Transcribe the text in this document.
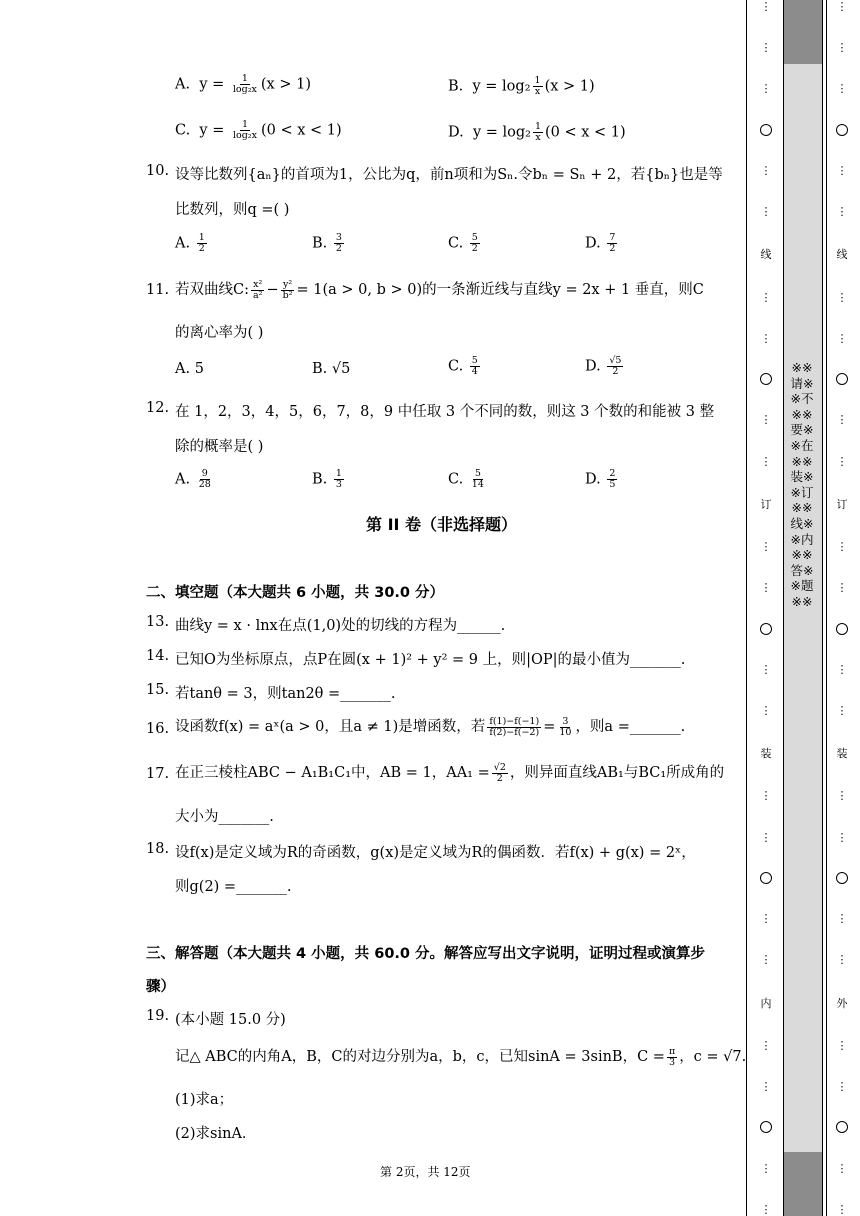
A. $y = \frac{1}{\text{log₂x}} (x > 1)$	B. $y = \log_2 \frac{1}{x} (x > 1)$
C. $y = \frac{1}{\text{log₂x}} (0 < x < 1)$	D. $y = \log_2 \frac{1}{x} (0 < x < 1)$
10. 设等比数列{aₙ}的首项为1，公比为q，前n项和为Sₙ.令bₙ = Sₙ + 2，若{bₙ}也是等
比数列，则q =( )
A. $\frac{1}{2}$	B. $\frac{3}{2}$	C. $\frac{5}{2}$	D. $\frac{7}{2}$
11. 若双曲线C: $\frac{\text{x²}}{\text{a²}} - \frac{\text{y²}}{\text{b²}} = 1(a > 0$, b > 0)的一条渐近线与直线y = 2x + 1 垂直，则C
的离心率为( )
A. 5	B. √5	C. $\frac{5}{4}$	D. $\frac{√5}{2}$
12. 在 1，2，3，4，5，6，7，8，9 中任取 3 个不同的数，则这 3 个数的和能被 3 整
除的概率是( )
A. $\frac{9}{28}$	B. $\frac{1}{3}$	C. $\frac{5}{14}$	D. $\frac{2}{5}$
第 II 卷（非选择题）
二、填空题（本大题共 6 小题，共 30.0 分）
13. 曲线y = x · lnx在点(1,0)处的切线的方程为______.
14. 已知O为坐标原点，点P在圆(x + 1)² + y² = 9 上，则|OP|的最小值为_______.
15. 若tanθ = 3，则tan2θ =_______.
16. 设函数f(x) = aˣ(a > 0，且a ≠ 1)是增函数，若 $\frac{f(1)-f(-1)}{f(2)-f(-2)} = \frac{3}{10}$ ，则a =_______.
17. 在正三棱柱ABC − A₁B₁C₁中，AB = 1，$AA_1 = \frac{√2}{2}$ ，则异面直线AB₁与BC₁所成角的
大小为_______.
18. 设f(x)是定义域为R的奇函数，g(x)是定义域为R的偶函数．若f(x) + g(x) = 2ˣ，
则g(2) =_______.
三、解答题（本大题共 4 小题，共 60.0 分。解答应写出文字说明，证明过程或演算步
骤）
19. (本小题 15.0 分)
记△ ABC的内角A，B，C的对边分别为a，b，c，已知sinA = 3sinB，$C = \frac{\pi}{3}$ ，c = √7.
(1)求a；
(2)求sinA．
第 2页，共 12页
⋮
⋮
⋮
⋮
⋮
线
⋮
⋮
⋮
⋮
订
⋮
⋮
⋮
⋮
装
⋮
⋮
⋮
⋮
内
⋮
⋮
⋮
⋮
※※请※※不※※要※※在※※装※※订※※线※※内※※答※※题※※
⋮
⋮
⋮
⋮
⋮
线
⋮
⋮
⋮
⋮
订
⋮
⋮
⋮
⋮
装
⋮
⋮
⋮
⋮
外
⋮
⋮
⋮
⋮
